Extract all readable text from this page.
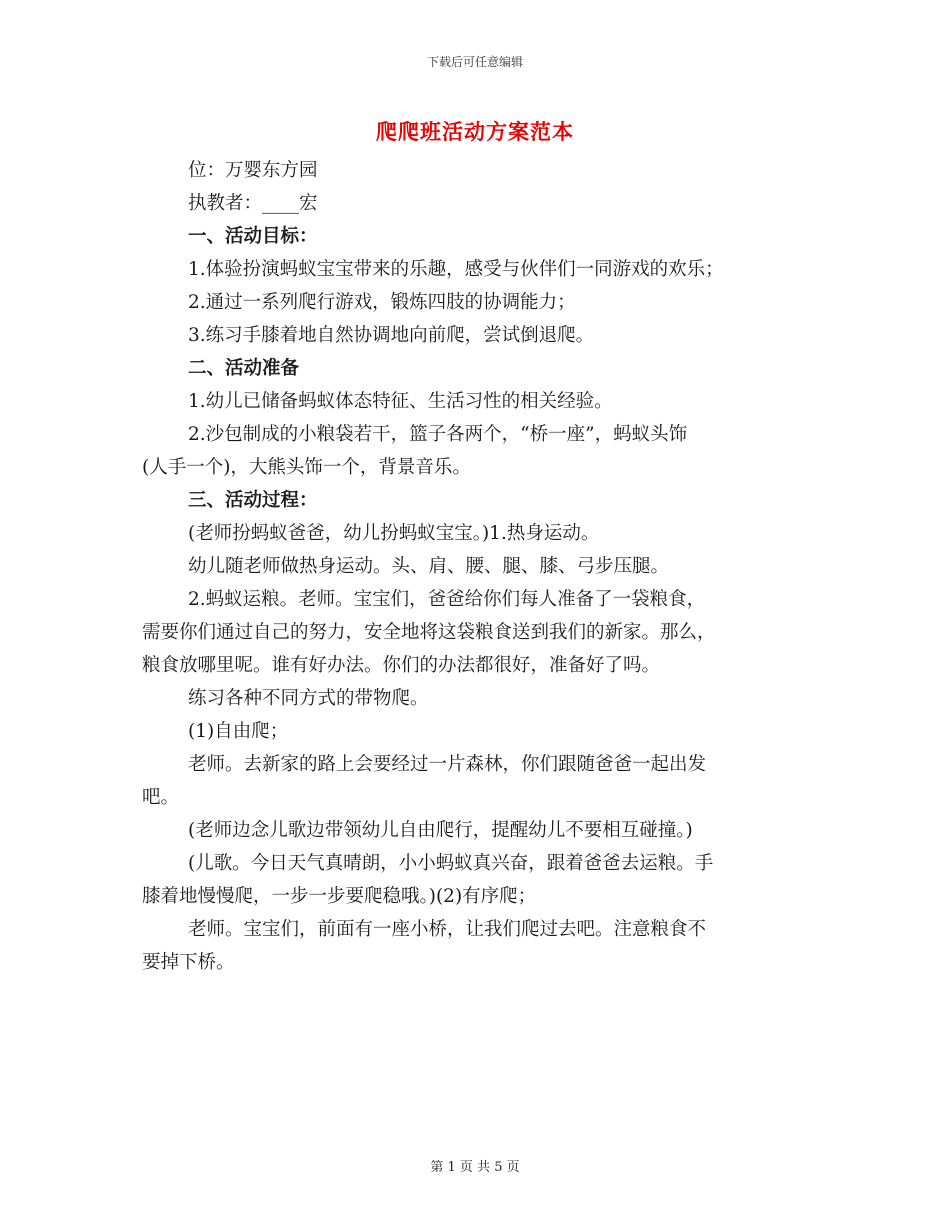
下载后可任意编辑
爬爬班活动方案范本

位：万婴东方园

执教者：____宏

一、活动目标：

1.体验扮演蚂蚁宝宝带来的乐趣，感受与伙伴们一同游戏的欢乐；

2.通过一系列爬行游戏，锻炼四肢的协调能力；

3.练习手膝着地自然协调地向前爬，尝试倒退爬。

二、活动准备

1.幼儿已储备蚂蚁体态特征、生活习性的相关经验。

2.沙包制成的小粮袋若干，篮子各两个，“桥一座”，蚂蚁头饰

(人手一个)，大熊头饰一个，背景音乐。

三、活动过程：

(老师扮蚂蚁爸爸，幼儿扮蚂蚁宝宝。)1.热身运动。

幼儿随老师做热身运动。头、肩、腰、腿、膝、弓步压腿。

2.蚂蚁运粮。老师。宝宝们，爸爸给你们每人准备了一袋粮食，

需要你们通过自己的努力，安全地将这袋粮食送到我们的新家。那么，

粮食放哪里呢。谁有好办法。你们的办法都很好，准备好了吗。

练习各种不同方式的带物爬。

(1)自由爬；

老师。去新家的路上会要经过一片森林，你们跟随爸爸一起出发

吧。

(老师边念儿歌边带领幼儿自由爬行，提醒幼儿不要相互碰撞。)

(儿歌。今日天气真晴朗，小小蚂蚁真兴奋，跟着爸爸去运粮。手

膝着地慢慢爬，一步一步要爬稳哦。)(2)有序爬；

老师。宝宝们，前面有一座小桥，让我们爬过去吧。注意粮食不

要掉下桥。

第 1 页 共 5 页
